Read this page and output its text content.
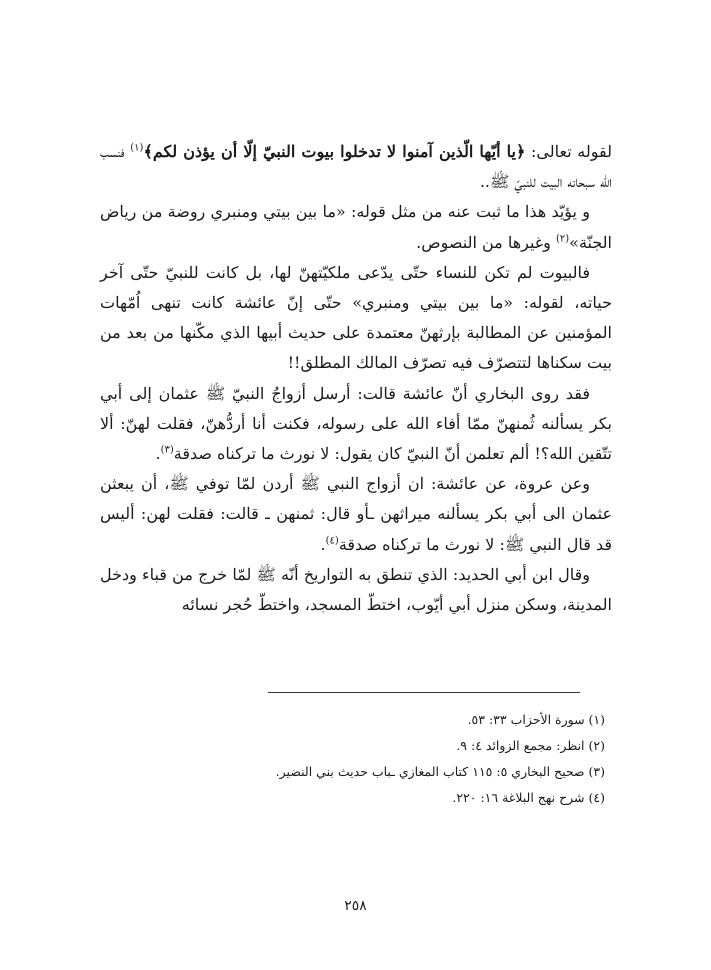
لقوله تعالى: ﴿يا أيّها الّذين آمنوا لا تدخلوا بيوت النبيّ إلّا أن يؤذن لكم﴾$^{(١)}$ فنسب الله سبحانه البيت للنبيّ ﷺ..

و يؤيّد هذا ما ثبت عنه من مثل قوله: «ما بين بيتي ومنبري روضة من رياض الجنّة»$^{(٢)}$ وغيرها من النصوص.

فالبيوت لم تكن للنساء حتّى يدّعى ملكيّتهنّ لها، بل كانت للنبيّ حتّى آخر حياته، لقوله: «ما بين بيتي ومنبري» حتّى إنّ عائشة كانت تنهى اُمّهات المؤمنين عن المطالبة بإرثهنّ معتمدة على حديث أبيها الذي مكّنها من بعد من بيت سكناها لتتصرّف فيه تصرّف المالك المطلق!!

فقد روى البخاري أنّ عائشة قالت: أرسل أزواجُ النبيّ ﷺ عثمان إلى أبي بكر يسألنه ثُمنهنّ ممّا أفاء الله على رسوله، فكنت أنا أردُّهنّ، فقلت لهنّ: ألا تتّقين الله؟! ألم تعلمن أنّ النبيّ كان يقول: لا نورث ما تركناه صدقة$^{(٣)}$.

وعن عروة، عن عائشة: ان أزواج النبي ﷺ أردن لمّا توفي ﷺ، أن يبعثن عثمان الى أبي بكر يسألنه ميراثهن ـأو قال: ثمنهن ـ قالت: فقلت لهن: أليس قد قال النبي ﷺ: لا نورث ما تركناه صدقة$^{(٤)}$.

وقال ابن أبي الحديد: الذي تنطق به التواريخ أنّه ﷺ لمّا خرج من قباء ودخل المدينة، وسكن منزل أبي أيّوب، اختطّ المسجد، واختطّ حُجر نسائه

(١) سورة الأحزاب ٣٣: ٥٣.
(٢) انظر: مجمع الزوائد ٤: ٩.
(٣) صحيح البخاري ٥: ١١٥ كتاب المغازي ـباب حديث بني النضير.
(٤) شرح نهج البلاغة ١٦: ٢٢٠.
٢٥٨
